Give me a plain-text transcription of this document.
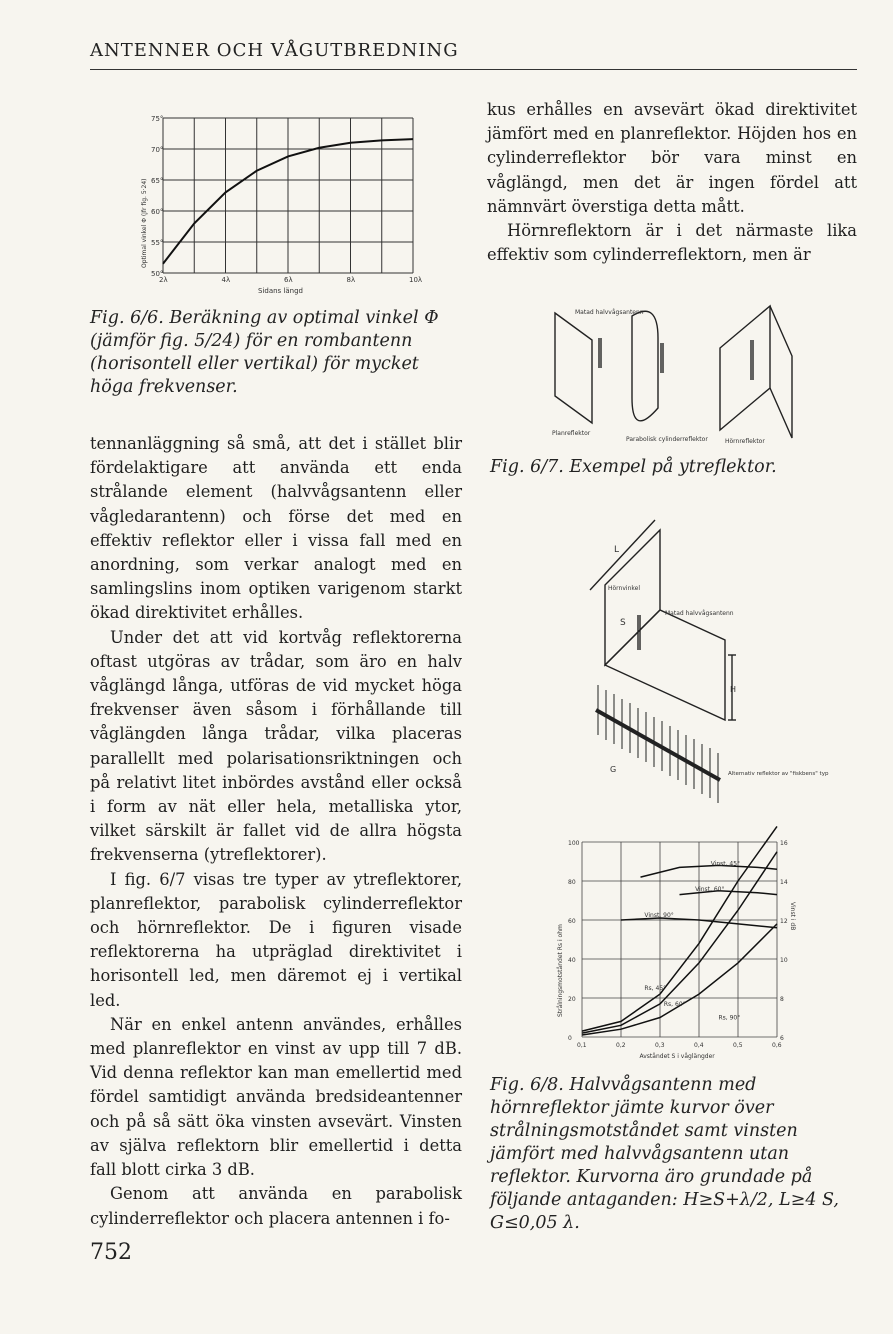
ANTENNER OCH VÅGUTBREDNING
75°
70°
65°
60°
55°
50°
2λ	4λ	6λ	8λ	10λ
Sidans längd
Optimal vinkel Φ (Jfr fig. 5·24)
Fig. 6/6. Beräkning av optimal vinkel Φ (jämför fig. 5/24) för en rombantenn (horisontell eller vertikal) för mycket höga frekvenser.

tennanläggning så små, att det i stället blir fördelaktigare att använda ett enda strålande element (halvvågsantenn eller vågledarantenn) och förse det med en effektiv reflektor eller i vissa fall med en anordning, som verkar analogt med en samlingslins inom optiken varigenom starkt ökad direktivitet erhålles.

Under det att vid kortvåg reflektorerna oftast utgöras av trådar, som äro en halv våglängd långa, utföras de vid mycket höga frekvenser även såsom i förhållande till våglängden långa trådar, vilka placeras parallellt med polarisationsriktningen och på relativt litet inbördes avstånd eller också i form av nät eller hela, metalliska ytor, vilket särskilt är fallet vid de allra högsta frekvenserna (ytreflektorer).

I fig. 6/7 visas tre typer av ytreflektorer, planreflektor, parabolisk cylinderreflektor och hörnreflektor. De i figuren visade reflektorerna ha utpräglad direktivitet i horisontell led, men däremot ej i vertikal led.

När en enkel antenn användes, erhålles med planreflektor en vinst av upp till 7 dB. Vid denna reflektor kan man emellertid med fördel samtidigt använda bredsideantenner och på så sätt öka vinsten avsevärt. Vinsten av själva reflektorn blir emellertid i detta fall blott cirka 3 dB.

Genom att använda en parabolisk cylinderreflektor och placera antennen i fo-

kus erhålles en avsevärt ökad direktivitet jämfört med en planreflektor. Höjden hos en cylinderreflektor bör vara minst en våglängd, men det är ingen fördel att nämnvärt överstiga detta mått.

Hörnreflektorn är i det närmaste lika effektiv som cylinderreflektorn, men är

Matad halvvågsantenn
Planreflektor
Parabolisk cylinderreflektor	Hörnreflektor
Fig. 6/7. Exempel på ytreflektor.
L
Hörnvinkel
Matad halvvågsantenn
S
H
G	Alternativ reflektor av "fiskbens" typ
Vinst, 45°
Vinst, 60°
Vinst, 90°
Rs, 45°
Rs, 60°
Rs, 90°
0,1	0,2	0,3	0,4	0,5	0,6
100
80
60
40
20
0
16
14
12
10
8
6
Avståndet S i våglängder
Strålningsmotståndet Rs i ohm
Vinst i dB
Fig. 6/8. Halvvågsantenn med hörnreflektor jämte kurvor över strålningsmotståndet samt vinsten jämfört med halvvågsantenn utan reflektor. Kurvorna äro grundade på följande antaganden: H≥S+λ/2, L≥4 S, G≤0,05 λ.
752
